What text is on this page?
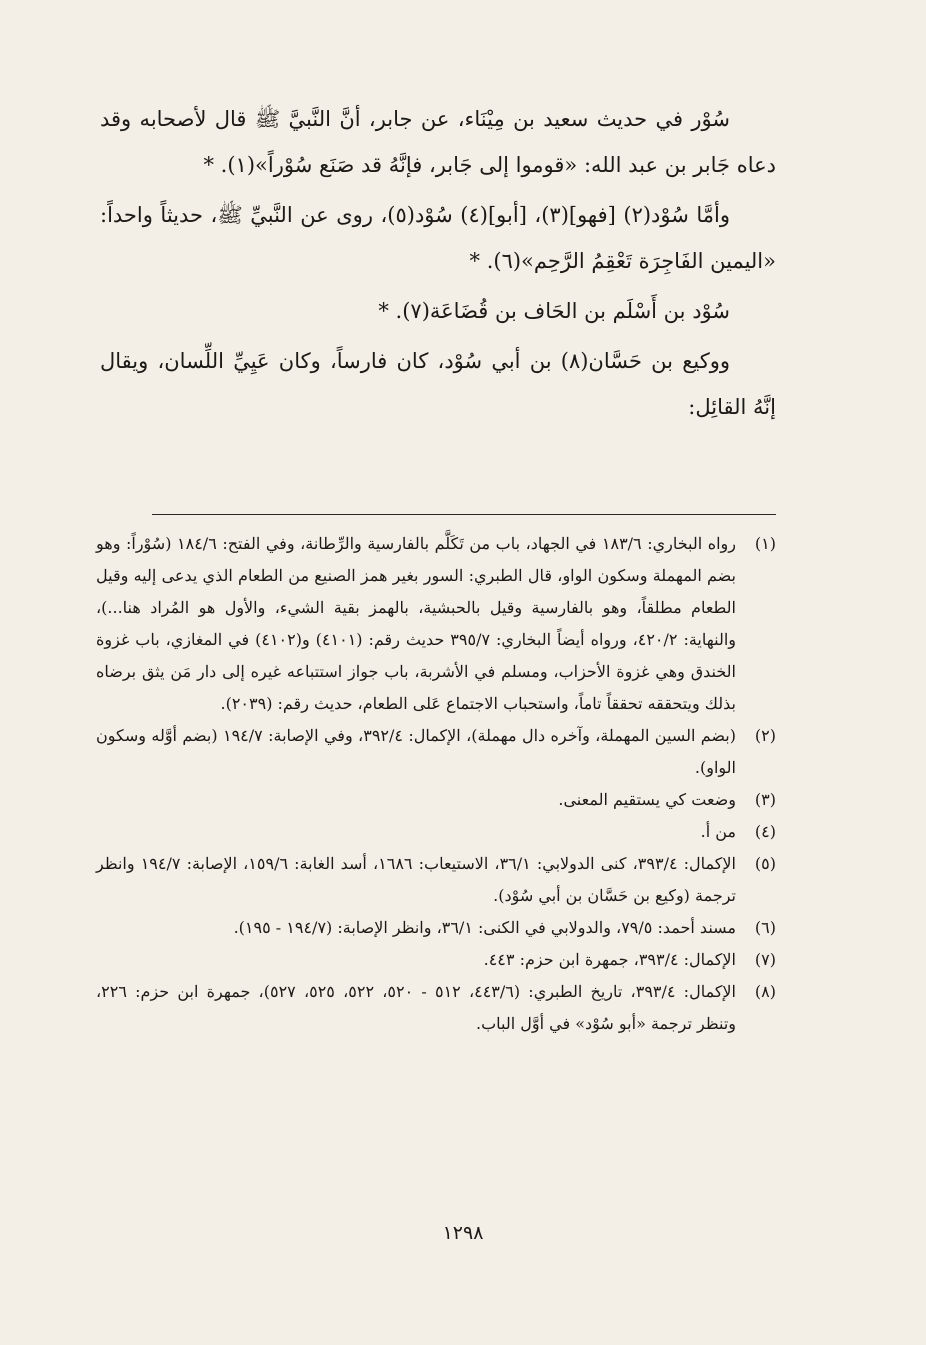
سُوْر في حديث سعيد بن مِيْنَاء، عن جابر، أنَّ النَّبيَّ ﷺ قال لأصحابه وقد دعاه جَابر بن عبد الله: «قوموا إلى جَابر، فإنَّهُ قد صَنَع سُوْراً»(١). *

وأمَّا سُوْد(٢) [فهو](٣)، [أبو](٤) سُوْد(٥)، روى عن النَّبيِّ ﷺ، حديثاً واحداً: «اليمين الفَاجِرَة تَعْقِمُ الرَّحِم»(٦). *

سُوْد بن أَسْلَم بن الحَاف بن قُضَاعَة(٧). *

ووكيع بن حَسَّان(٨) بن أبي سُوْد، كان فارساً، وكان عَيِيِّ اللِّسان، ويقال إنَّهُ القائِل:

(١)
رواه البخاري: ١٨٣/٦ في الجهاد، باب من تَكَلَّم بالفارسية والرِّطانة، وفي الفتح: ١٨٤/٦ (سُوْراً: وهو بضم المهملة وسكون الواو، قال الطبري: السور بغير همز الصنيع من الطعام الذي يدعى إليه وقيل الطعام مطلقاً، وهو بالفارسية وقيل بالحبشية، بالهمز بقية الشيء، والأول هو المُراد هنا...)، والنهاية: ٤٢٠/٢، ورواه أيضاً البخاري: ٣٩٥/٧ حديث رقم: (٤١٠١) و(٤١٠٢) في المغازي، باب غزوة الخندق وهي غزوة الأحزاب، ومسلم في الأشربة، باب جواز استتباعه غيره إلى دار مَن يثق برضاه بذلك ويتحققه تحققاً تاماً، واستحباب الاجتماع عَلى الطعام، حديث رقم: (٢٠٣٩).
(٢)
(بضم السين المهملة، وآخره دال مهملة)، الإكمال: ٣٩٢/٤، وفي الإصابة: ١٩٤/٧ (بضم أوَّله وسكون الواو).
(٣)
وضعت كي يستقيم المعنى.
(٤)
من أ.
(٥)
الإكمال: ٣٩٣/٤، كنى الدولابي: ٣٦/١، الاستيعاب: ١٦٨٦، أسد الغابة: ١٥٩/٦، الإصابة: ١٩٤/٧ وانظر ترجمة (وكيع بن حَسَّان بن أبي سُوْد).
(٦)
مسند أحمد: ٧٩/٥، والدولابي في الكنى: ٣٦/١، وانظر الإصابة: (١٩٤/٧ - ١٩٥).
(٧)
الإكمال: ٣٩٣/٤، جمهرة ابن حزم: ٤٤٣.
(٨)
الإكمال: ٣٩٣/٤، تاريخ الطبري: (٤٤٣/٦، ٥١٢ - ٥٢٠، ٥٢٢، ٥٢٥، ٥٢٧)، جمهرة ابن حزم: ٢٢٦، وتنظر ترجمة «أبو سُوْد» في أوَّل الباب.
١٢٩٨
